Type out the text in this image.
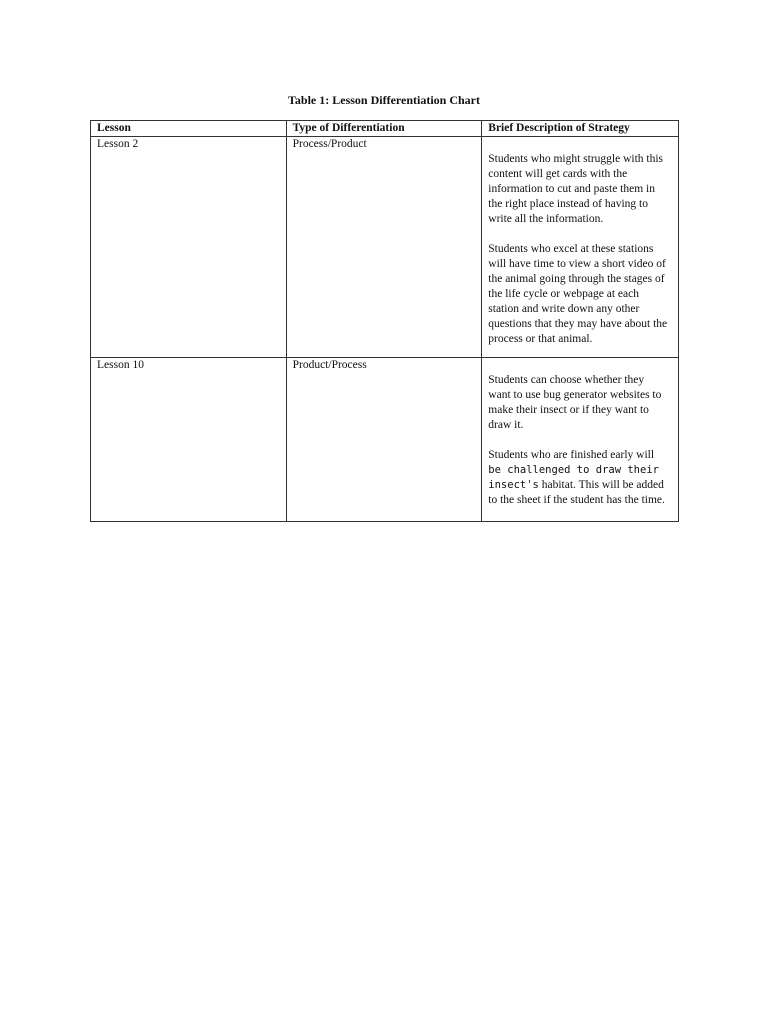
Table 1: Lesson Differentiation Chart
Lesson	Type of Differentiation	Brief Description of Strategy
Lesson 2	Process/Product	Students who might struggle with this content will get cards with the information to cut and paste them in the right place instead of having to write all the information.
Students who excel at these stations will have time to view a short video of the animal going through the stages of the life cycle or webpage at each station and write down any other questions that they may have about the process or that animal.

Lesson 10	Product/Process	Students can choose whether they want to use bug generator websites to make their insect or if they want to draw it.
Students who are finished early will be challenged to draw their insect's habitat. This will be added to the sheet if the student has the time.
